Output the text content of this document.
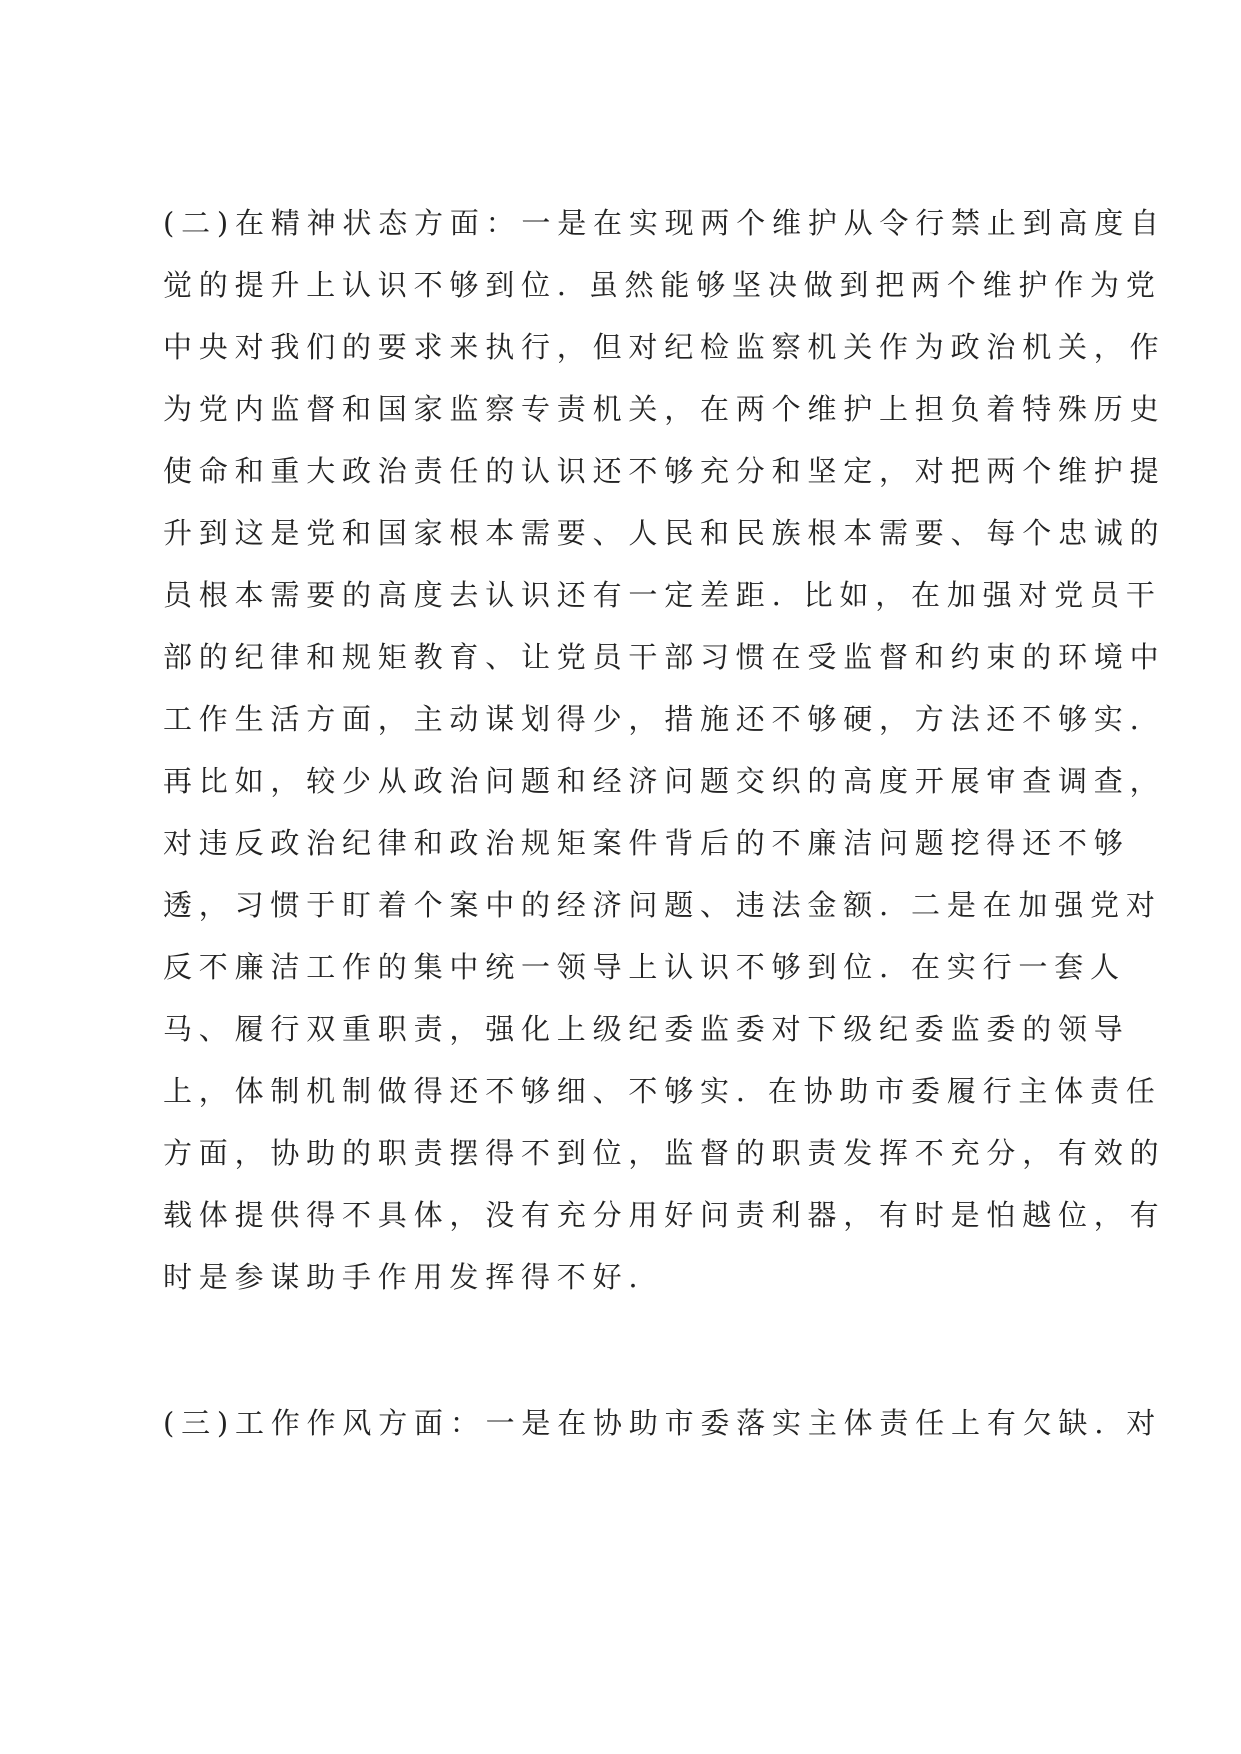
(二)在精神状态方面：一是在实现两个维护从令行禁止到高度自
觉的提升上认识不够到位. 虽然能够坚决做到把两个维护作为党
中央对我们的要求来执行，但对纪检监察机关作为政治机关，作
为党内监督和国家监察专责机关，在两个维护上担负着特殊历史
使命和重大政治责任的认识还不够充分和坚定，对把两个维护提
升到这是党和国家根本需要、人民和民族根本需要、每个忠诚的
员根本需要的高度去认识还有一定差距. 比如，在加强对党员干
部的纪律和规矩教育、让党员干部习惯在受监督和约束的环境中
工作生活方面，主动谋划得少，措施还不够硬，方法还不够实.
再比如，较少从政治问题和经济问题交织的高度开展审查调查，
对违反政治纪律和政治规矩案件背后的不廉洁问题挖得还不够
透，习惯于盯着个案中的经济问题、违法金额. 二是在加强党对
反不廉洁工作的集中统一领导上认识不够到位. 在实行一套人
马、履行双重职责，强化上级纪委监委对下级纪委监委的领导
上，体制机制做得还不够细、不够实. 在协助市委履行主体责任
方面，协助的职责摆得不到位，监督的职责发挥不充分，有效的
载体提供得不具体，没有充分用好问责利器，有时是怕越位，有
时是参谋助手作用发挥得不好.
(三)工作作风方面：一是在协助市委落实主体责任上有欠缺. 对
